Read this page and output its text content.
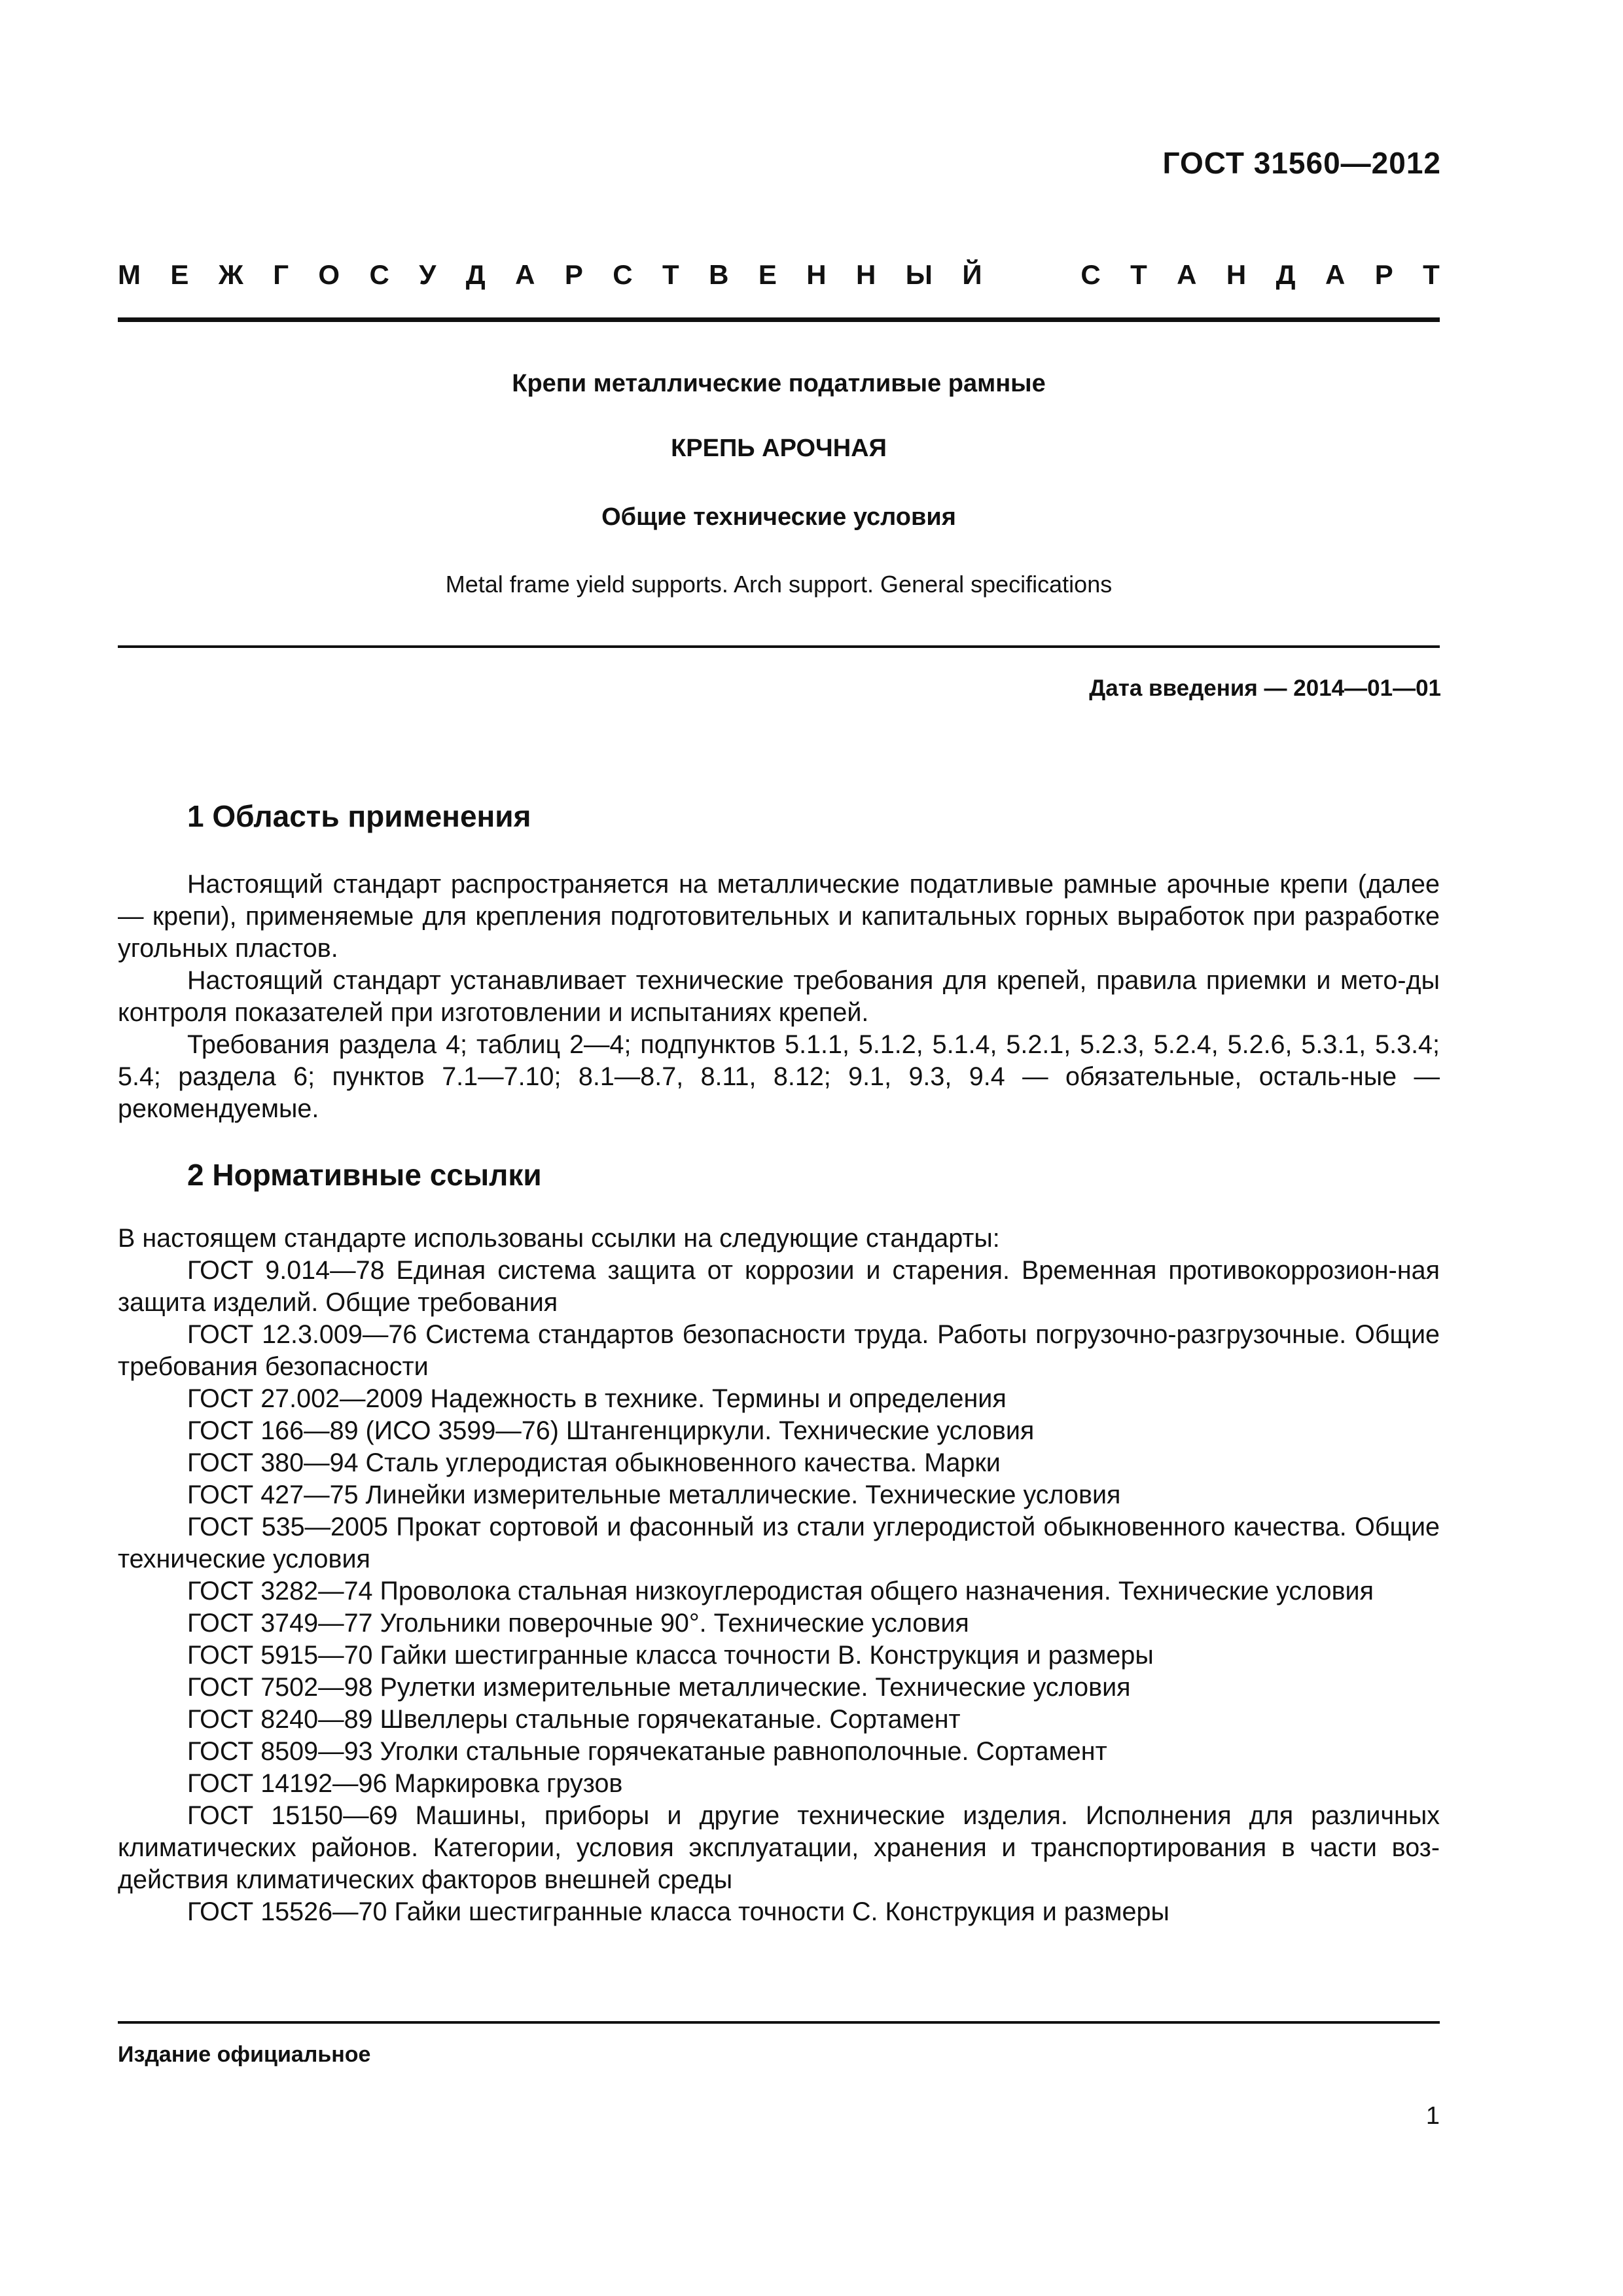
ГОСТ 31560—2012
М Е Ж Г О С У Д А Р С Т В Е Н Н Ы Й	С Т А Н Д А Р Т
Крепи металлические податливые рамные
КРЕПЬ АРОЧНАЯ
Общие технические условия
Metal frame yield supports. Arch support. General specifications
Дата введения — 2014—01—01
1 Область применения

Настоящий стандарт распространяется на металлические податливые рамные арочные крепи (далее — крепи), применяемые для крепления подготовительных и капитальных горных выработок при разработке угольных пластов.

Настоящий стандарт устанавливает технические требования для крепей, правила приемки и мето-ды контроля показателей при изготовлении и испытаниях крепей.

Требования раздела 4; таблиц 2—4; подпунктов 5.1.1, 5.1.2, 5.1.4, 5.2.1, 5.2.3, 5.2.4, 5.2.6, 5.3.1, 5.3.4; 5.4; раздела 6; пунктов 7.1—7.10; 8.1—8.7, 8.11, 8.12; 9.1, 9.3, 9.4 — обязательные, осталь-ные — рекомендуемые.

2 Нормативные ссылки

В настоящем стандарте использованы ссылки на следующие стандарты:

ГОСТ 9.014—78 Единая система защита от коррозии и старения. Временная противокоррозион-ная защита изделий. Общие требования

ГОСТ 12.3.009—76 Система стандартов безопасности труда. Работы погрузочно-разгрузочные. Общие требования безопасности

ГОСТ 27.002—2009 Надежность в технике. Термины и определения

ГОСТ 166—89 (ИСО 3599—76) Штангенциркули. Технические условия

ГОСТ 380—94 Сталь углеродистая обыкновенного качества. Марки

ГОСТ 427—75 Линейки измерительные металлические. Технические условия

ГОСТ 535—2005 Прокат сортовой и фасонный из стали углеродистой обыкновенного качества. Общие технические условия

ГОСТ 3282—74 Проволока стальная низкоуглеродистая общего назначения. Технические условия

ГОСТ 3749—77 Угольники поверочные 90°. Технические условия

ГОСТ 5915—70 Гайки шестигранные класса точности В. Конструкция и размеры

ГОСТ 7502—98 Рулетки измерительные металлические. Технические условия

ГОСТ 8240—89 Швеллеры стальные горячекатаные. Сортамент

ГОСТ 8509—93 Уголки стальные горячекатаные равнополочные. Сортамент

ГОСТ 14192—96 Маркировка грузов

ГОСТ 15150—69 Машины, приборы и другие технические изделия. Исполнения для различных климатических районов. Категории, условия эксплуатации, хранения и транспортирования в части воз-действия климатических факторов внешней среды

ГОСТ 15526—70 Гайки шестигранные класса точности С. Конструкция и размеры

Издание официальное
1
